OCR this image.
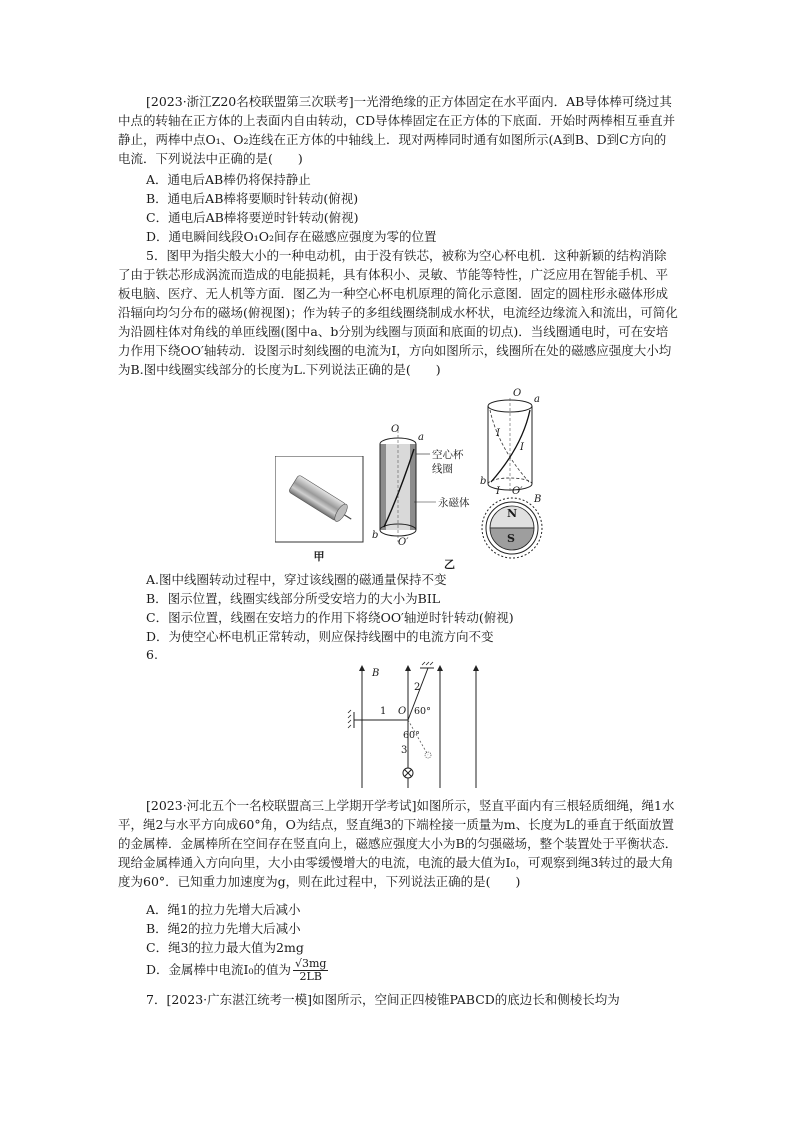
[2023·浙江Z20名校联盟第三次联考]一光滑绝缘的正方体固定在水平面内．AB导体棒可绕过其中点的转轴在正方体的上表面内自由转动，CD导体棒固定在正方体的下底面．开始时两棒相互垂直并静止，两棒中点O₁、O₂连线在正方体的中轴线上．现对两棒同时通有如图所示(A到B、D到C方向的电流．下列说法中正确的是(　　)

A．通电后AB棒仍将保持静止

B．通电后AB棒将要顺时针转动(俯视)

C．通电后AB棒将要逆时针转动(俯视)

D．通电瞬间线段O₁O₂间存在磁感应强度为零的位置

5．图甲为指尖般大小的一种电动机，由于没有铁芯，被称为空心杯电机．这种新颖的结构消除了由于铁芯形成涡流而造成的电能损耗，具有体积小、灵敏、节能等特性，广泛应用在智能手机、平板电脑、医疗、无人机等方面．图乙为一种空心杯电机原理的简化示意图．固定的圆柱形永磁体形成沿辐向均匀分布的磁场(俯视图)；作为转子的多组线圈绕制成水杯状，电流经边缘流入和流出，可简化为沿圆柱体对角线的单匝线圈(图中a、b分别为线圈与顶面和底面的切点)．当线圈通电时，可在安培力作用下绕OO′轴转动．设图示时刻线圈的电流为I，方向如图所示，线圈所在处的磁感应强度大小均为B.图中线圈实线部分的长度为L.下列说法正确的是(　　)

甲
O
a
b
O′
空心杯
线圈
永磁体
O
a
I
I
b
I O′
B
N
S
乙

A.图中线圈转动过程中，穿过该线圈的磁通量保持不变

B．图示位置，线圈实线部分所受安培力的大小为BIL

C．图示位置，线圈在安培力的作用下将绕OO′轴逆时针转动(俯视)

D．为使空心杯电机正常转动，则应保持线圈中的电流方向不变

6.

B
1
2
3
O 60°
60°

[2023·河北五个一名校联盟高三上学期开学考试]如图所示，竖直平面内有三根轻质细绳，绳1水平，绳2与水平方向成60°角，O为结点，竖直绳3的下端栓接一质量为m、长度为L的垂直于纸面放置的金属棒．金属棒所在空间存在竖直向上，磁感应强度大小为B的匀强磁场，整个装置处于平衡状态．现给金属棒通入方向向里，大小由零缓慢增大的电流，电流的最大值为I₀，可观察到绳3转过的最大角度为60°．已知重力加速度为g，则在此过程中，下列说法正确的是(　　)

A．绳1的拉力先增大后减小

B．绳2的拉力先增大后减小

C．绳3的拉力最大值为2mg

D．金属棒中电流I₀的值为 $\frac{√3mg}{2LB}$

7．[2023·广东湛江统考一模]如图所示，空间正四棱锥PABCD的底边长和侧棱长均为
